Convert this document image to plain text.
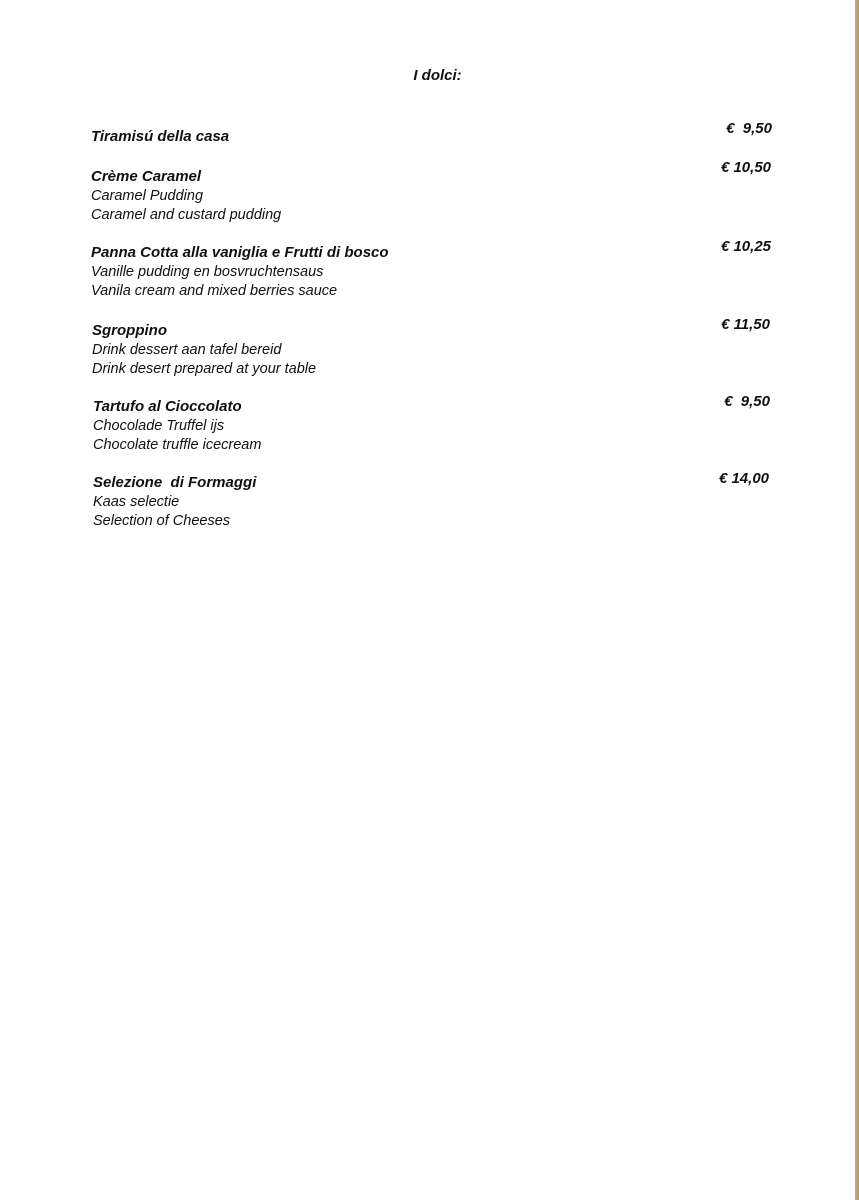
I dolci:

Tiramisú della casa	€  9,50

Crème Caramel

Caramel Pudding

Caramel and custard pudding

€ 10,50

Panna Cotta alla vaniglia e Frutti di bosco

Vanille pudding en bosvruchtensaus

Vanila cream and mixed berries sauce

€ 10,25

Sgroppino

Drink dessert aan tafel bereid

Drink desert prepared at your table

€ 11,50

Tartufo al Cioccolato

Chocolade Truffel ijs

Chocolate truffle icecream

€  9,50

Selezione  di Formaggi

Kaas selectie

Selection of Cheeses

€ 14,00
